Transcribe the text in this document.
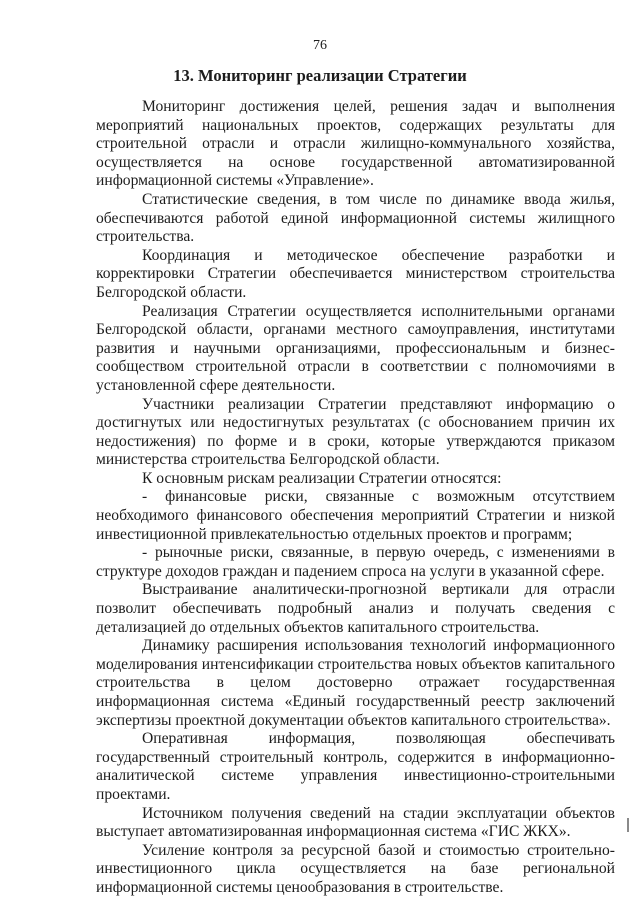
76
13. Мониторинг реализации Стратегии

Мониторинг достижения целей, решения задач и выполнения мероприятий национальных проектов, содержащих результаты для строительной отрасли и отрасли жилищно-коммунального хозяйства, осуществляется на основе государственной автоматизированной информационной системы «Управление».

Статистические сведения, в том числе по динамике ввода жилья, обеспечиваются работой единой информационной системы жилищного строительства.

Координация и методическое обеспечение разработки и корректировки Стратегии обеспечивается министерством строительства Белгородской области.

Реализация Стратегии осуществляется исполнительными органами Белгородской области, органами местного самоуправления, институтами развития и научными организациями, профессиональным и бизнес-сообществом строительной отрасли в соответствии с полномочиями в установленной сфере деятельности.

Участники реализации Стратегии представляют информацию о достигнутых или недостигнутых результатах (с обоснованием причин их недостижения) по форме и в сроки, которые утверждаются приказом министерства строительства Белгородской области.

К основным рискам реализации Стратегии относятся:

- финансовые риски, связанные с возможным отсутствием необходимого финансового обеспечения мероприятий Стратегии и низкой инвестиционной привлекательностью отдельных проектов и программ;

- рыночные риски, связанные, в первую очередь, с изменениями в структуре доходов граждан и падением спроса на услуги в указанной сфере.

Выстраивание аналитически-прогнозной вертикали для отрасли позволит обеспечивать подробный анализ и получать сведения с детализацией до отдельных объектов капитального строительства.

Динамику расширения использования технологий информационного моделирования интенсификации строительства новых объектов капитального строительства в целом достоверно отражает государственная информационная система «Единый государственный реестр заключений экспертизы проектной документации объектов капитального строительства».

Оперативная информация, позволяющая обеспечивать государственный строительный контроль, содержится в информационно-аналитической системе управления инвестиционно-строительными проектами.

Источником получения сведений на стадии эксплуатации объектов выступает автоматизированная информационная система «ГИС ЖКХ».

Усиление контроля за ресурсной базой и стоимостью строительно-инвестиционного цикла осуществляется на базе региональной информационной системы ценообразования в строительстве.
